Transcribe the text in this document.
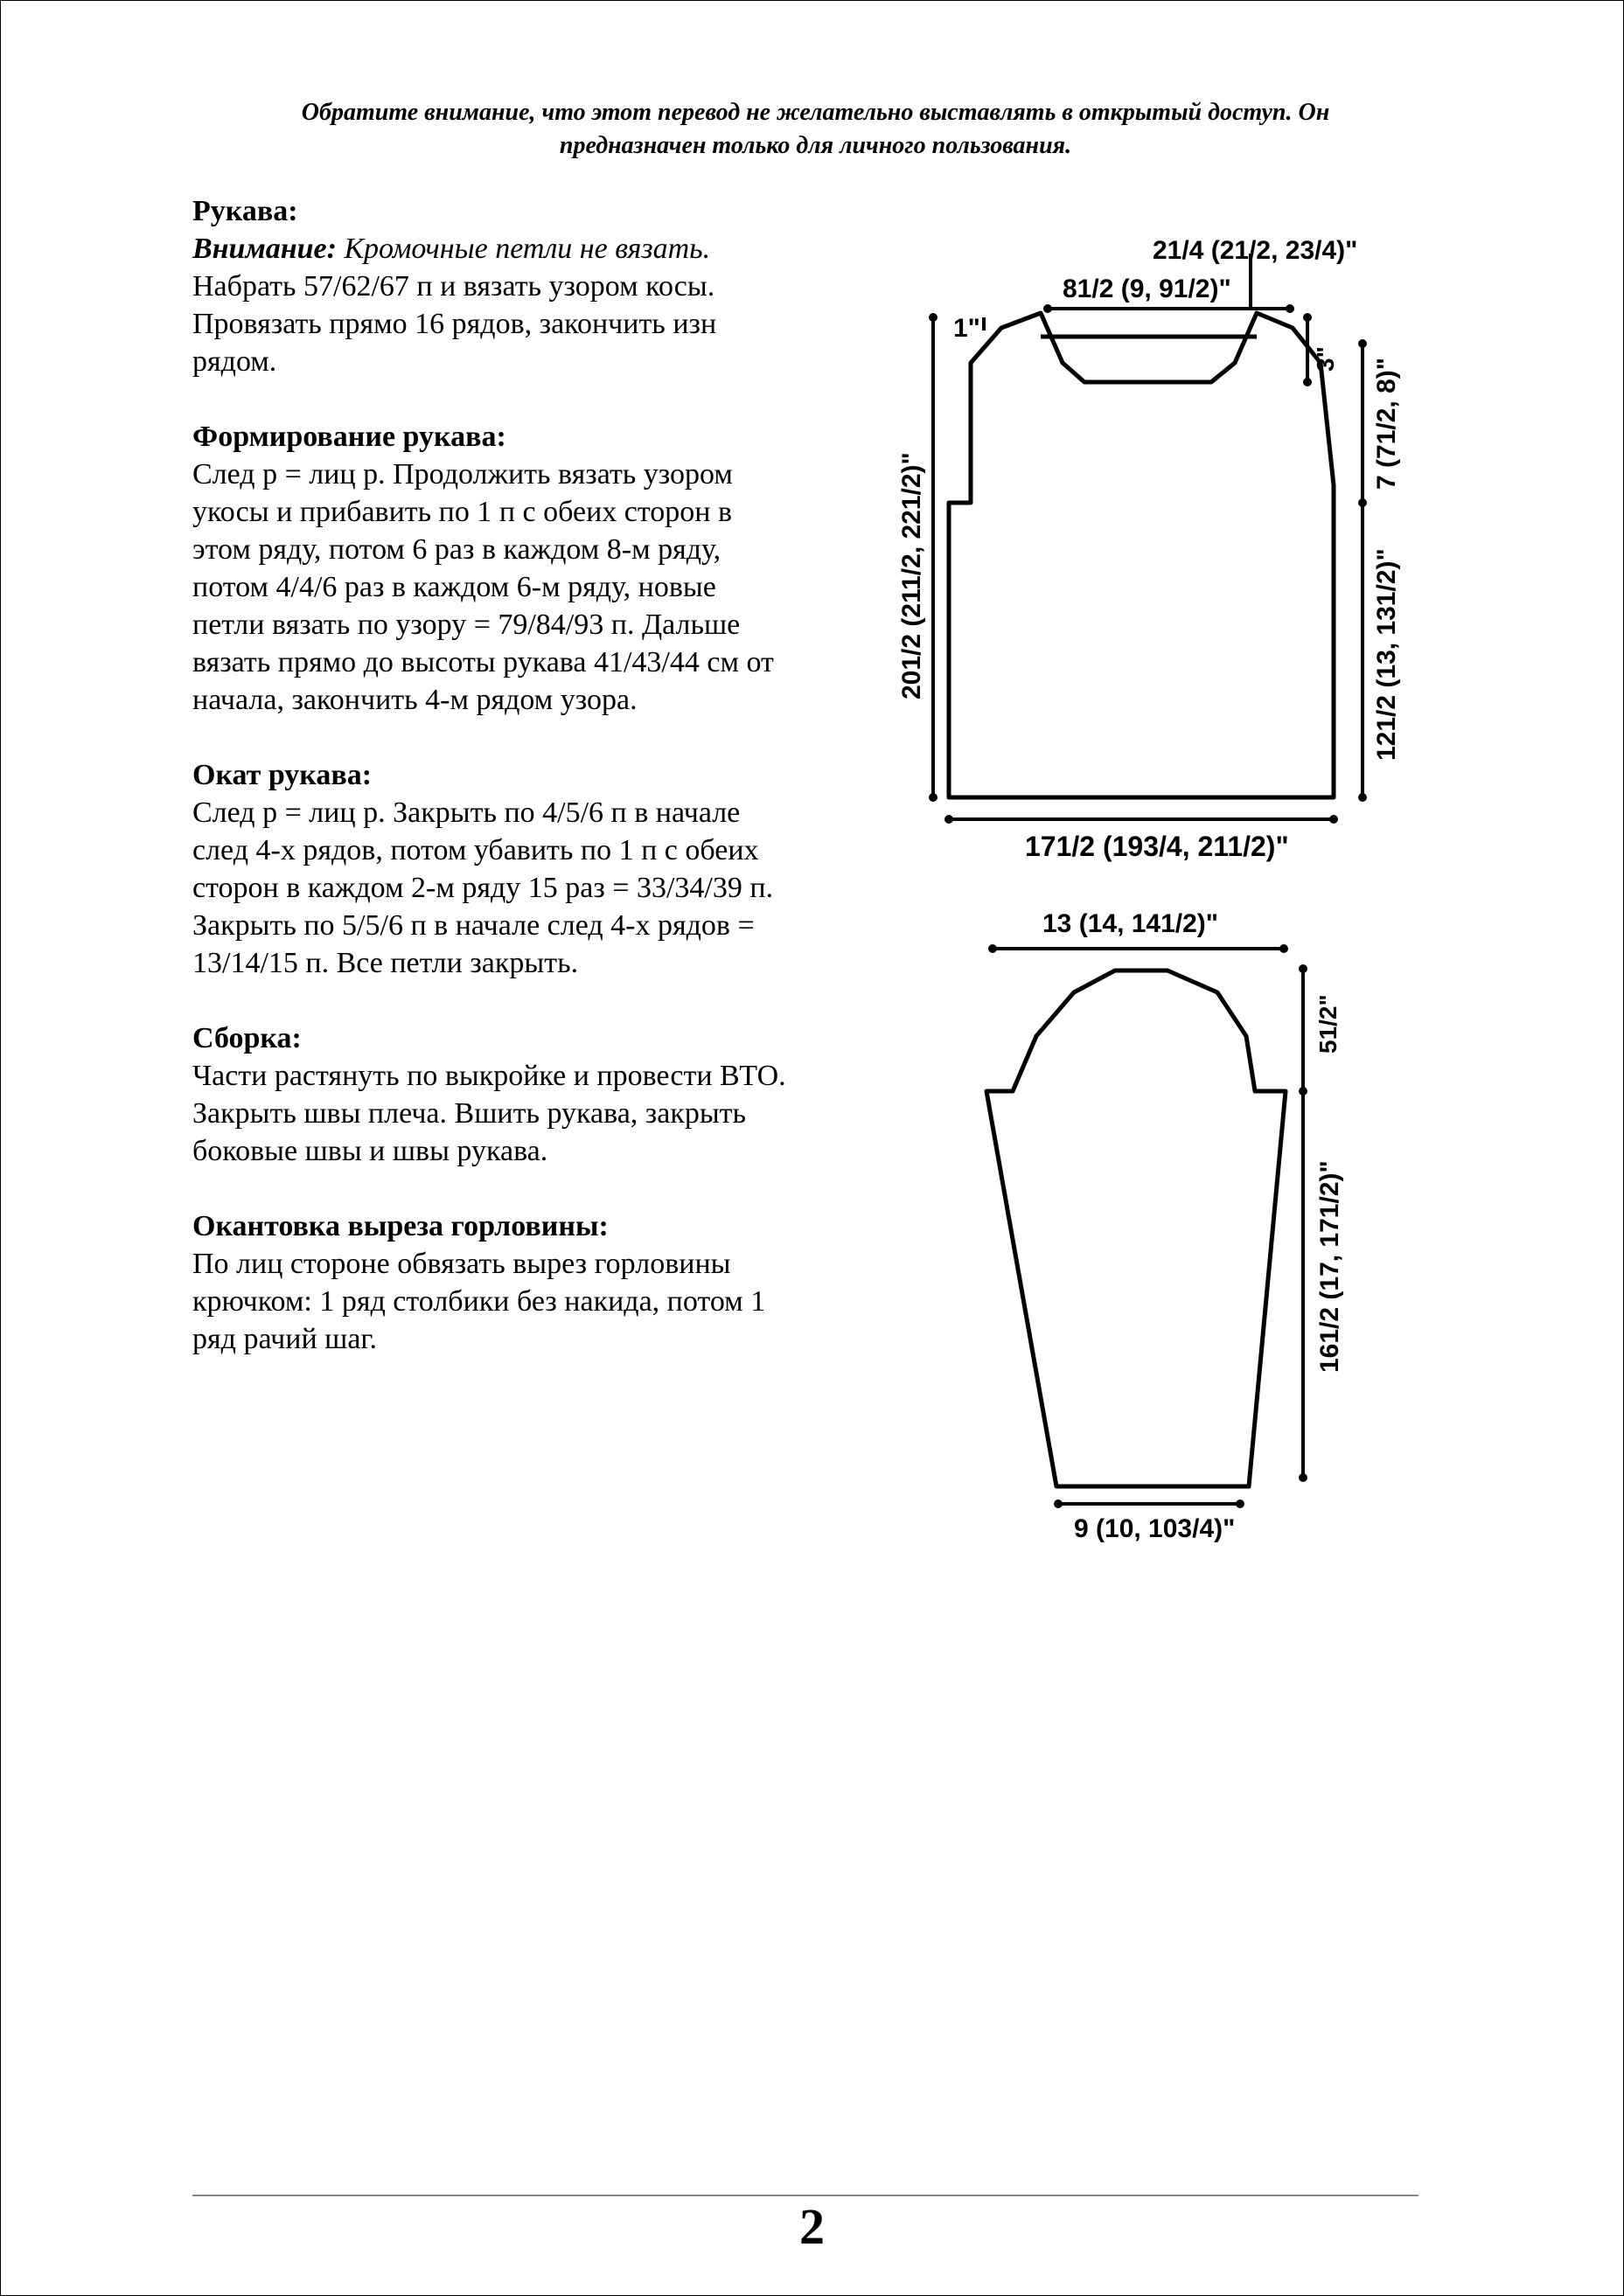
Обратите внимание, что этот перевод не желательно выставлять в открытый доступ. Он
предназначен только для личного пользования.
Рукава:
Внимание: Кромочные петли не вязать.
Набрать 57/62/67 п и вязать узором косы. Провязать прямо 16 рядов, закончить изн рядом.
Формирование рукава:
След р = лиц р. Продолжить вязать узором укосы и прибавить по 1 п с обеих сторон в этом ряду, потом 6 раз в каждом 8-м ряду, потом 4/4/6 раз в каждом 6-м ряду, новые петли вязать по узору = 79/84/93 п. Дальше вязать прямо до высоты рукава 41/43/44 см от начала, закончить 4-м рядом узора.
Окат рукава:
След р = лиц р. Закрыть по 4/5/6 п в начале след 4-х рядов, потом убавить по 1 п с обеих сторон в каждом 2-м ряду 15 раз = 33/34/39 п. Закрыть по 5/5/6 п в начале след 4-х рядов = 13/14/15 п. Все петли закрыть.
Сборка:
Части растянуть по выкройке и провести ВТО. Закрыть швы плеча. Вшить рукава, закрыть боковые швы и швы рукава.
Окантовка выреза горловины:
По лиц стороне обвязать вырез горловины крючком: 1 ряд столбики без накида, потом 1 ряд рачий шаг.
21/4 (21/2, 23/4)"
81/2 (9, 91/2)"
1"
3" 7 (71/2, 8)"
121/2 (13, 131/2)"
201/2 (211/2, 221/2)"
171/2 (193/4, 211/2)"
13 (14, 141/2)"
51/2"
161/2 (17, 171/2)"
9 (10, 103/4)"
2
